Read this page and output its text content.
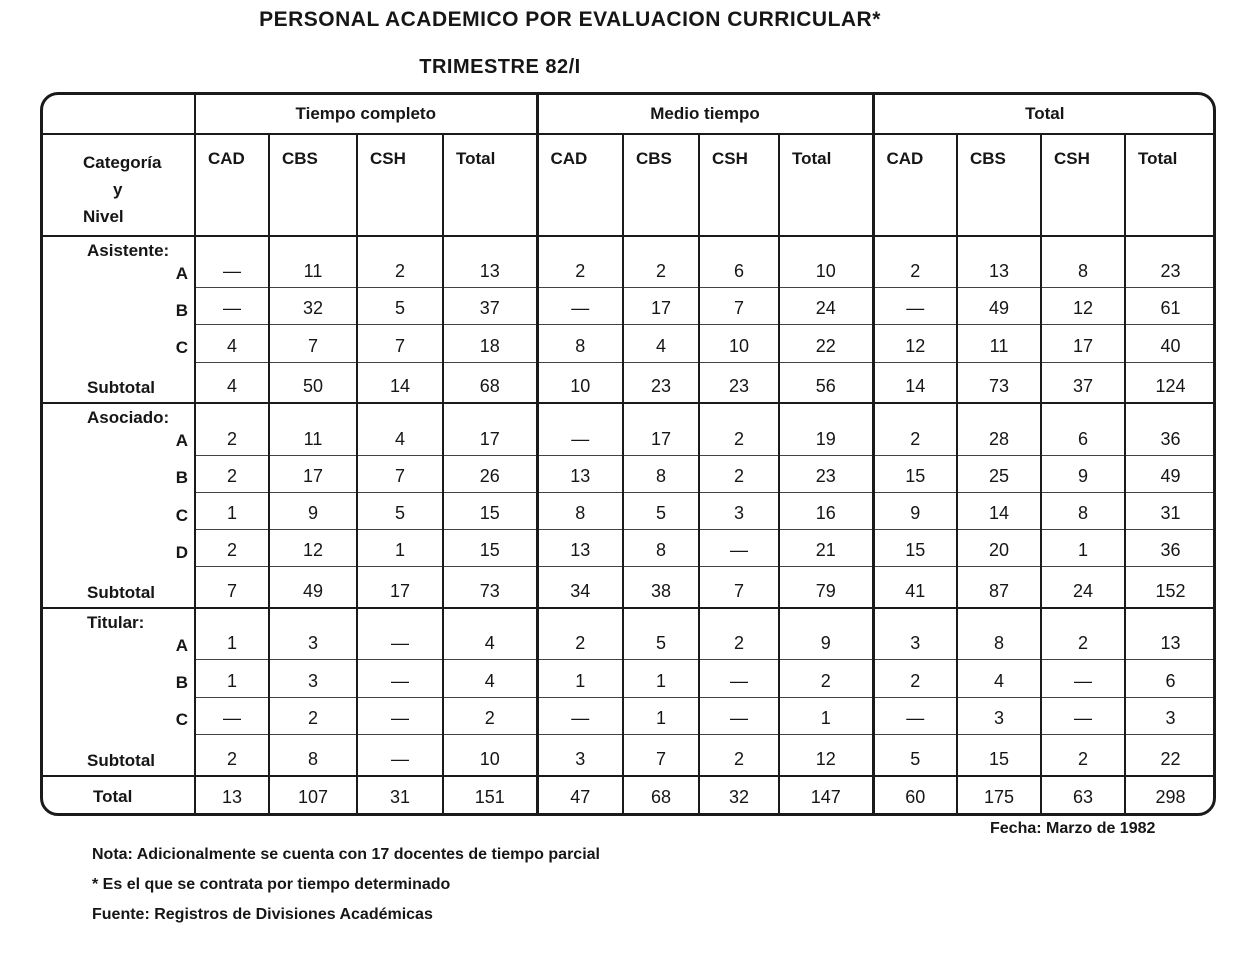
PERSONAL ACADEMICO POR EVALUACION CURRICULAR*
TRIMESTRE 82/I
	Tiempo completo				Medio tiempo				Total			
Categoría
y
Nivel	CAD	CBS	CSH	Total	CAD	CBS	CSH	Total	CAD	CBS	CSH	Total

Asistente:
A	—	11	2	13	2	2	6	10	2	13	8	23

B	—	32	5	37	—	17	7	24	—	49	12	61

C	4	7	7	18	8	4	10	22	12	11	17	40

Subtotal	4	50	14	68	10	23	23	56	14	73	37	124

Asociado:
A	2	11	4	17	—	17	2	19	2	28	6	36

B	2	17	7	26	13	8	2	23	15	25	9	49

C	1	9	5	15	8	5	3	16	9	14	8	31

D	2	12	1	15	13	8	—	21	15	20	1	36

Subtotal	7	49	17	73	34	38	7	79	41	87	24	152

Titular:
A	1	3	—	4	2	5	2	9	3	8	2	13

B	1	3	—	4	1	1	—	2	2	4	—	6

C	—	2	—	2	—	1	—	1	—	3	—	3

Subtotal	2	8	—	10	3	7	2	12	5	15	2	22

Total	13	107	31	151	47	68	32	147	60	175	63	298
Fecha: Marzo de 1982
Nota: Adicionalmente se cuenta con 17 docentes de tiempo parcial
* Es el que se contrata por tiempo determinado
Fuente: Registros de Divisiones Académicas
